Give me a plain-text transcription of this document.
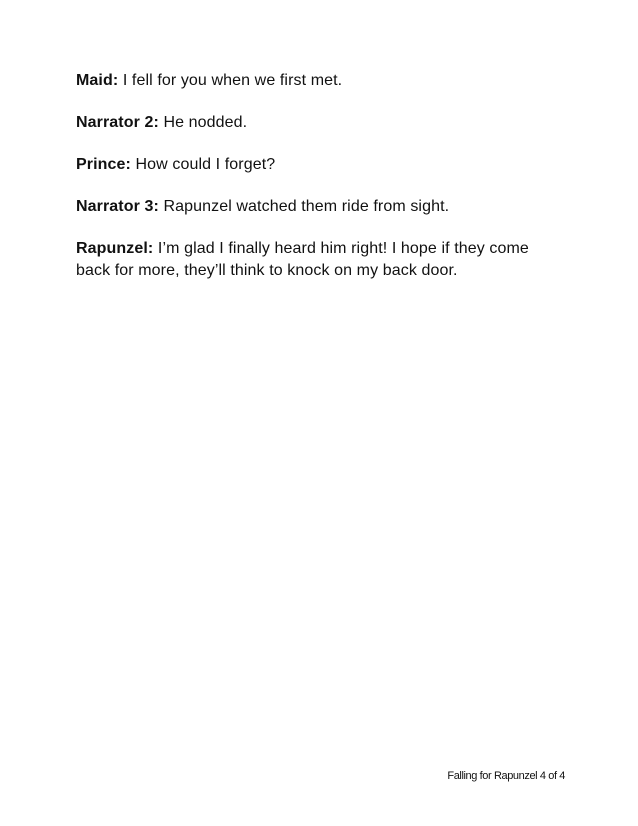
Maid: I fell for you when we first met.

Narrator 2: He nodded.

Prince: How could I forget?

Narrator 3: Rapunzel watched them ride from sight.

Rapunzel: I’m glad I finally heard him right! I hope if they come back for more, they’ll think to knock on my back door.

Falling for Rapunzel 4 of 4
